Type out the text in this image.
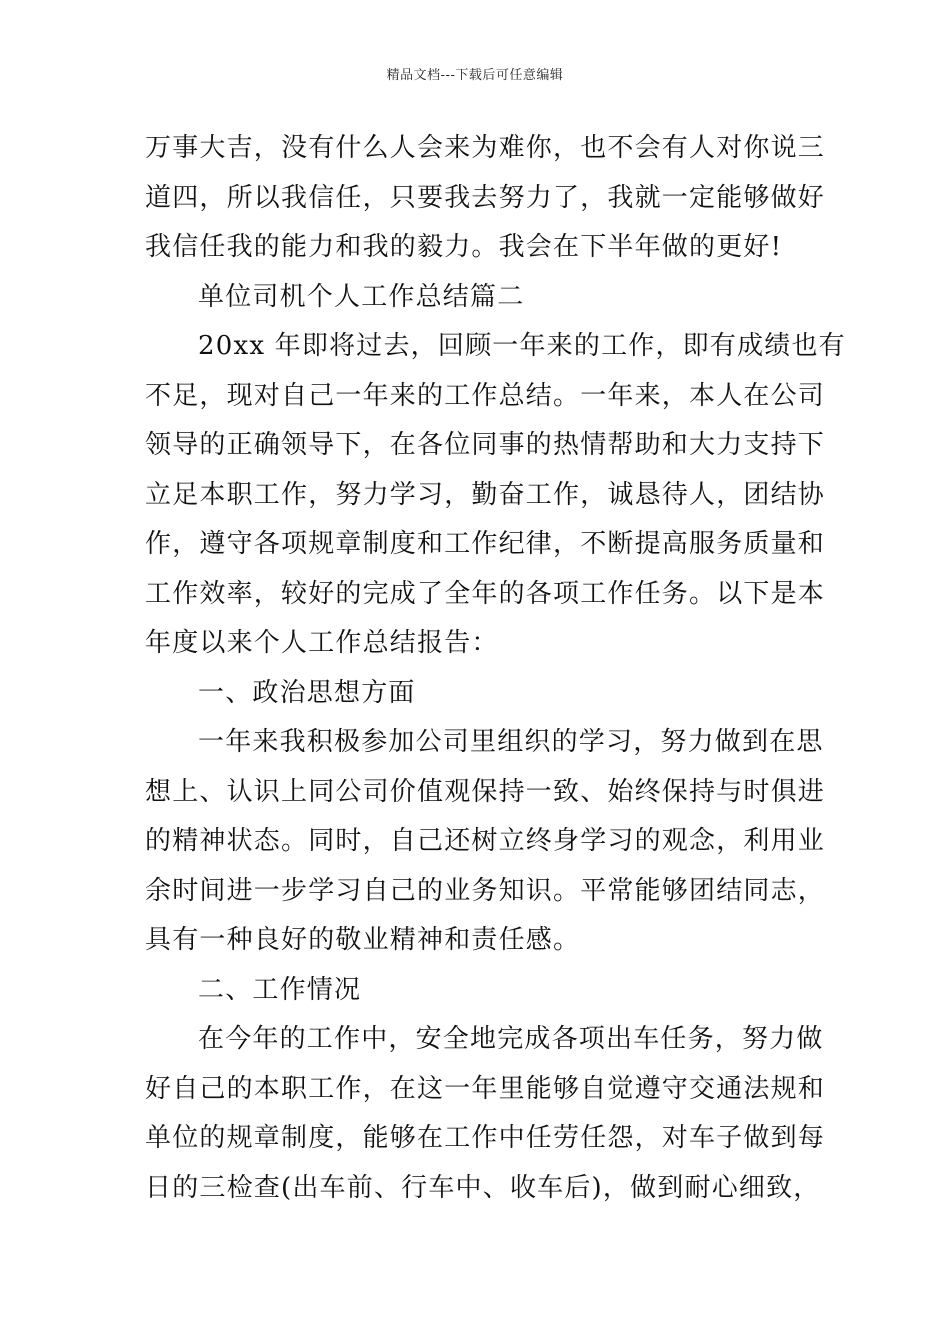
精品文档---下载后可任意编辑
万事大吉，没有什么人会来为难你，也不会有人对你说三
道四，所以我信任，只要我去努力了，我就一定能够做好
我信任我的能力和我的毅力。我会在下半年做的更好!
单位司机个人工作总结篇二
20xx 年即将过去，回顾一年来的工作，即有成绩也有
不足，现对自己一年来的工作总结。一年来，本人在公司
领导的正确领导下，在各位同事的热情帮助和大力支持下
立足本职工作，努力学习，勤奋工作，诚恳待人，团结协
作，遵守各项规章制度和工作纪律，不断提高服务质量和
工作效率，较好的完成了全年的各项工作任务。以下是本
年度以来个人工作总结报告：
一、政治思想方面
一年来我积极参加公司里组织的学习，努力做到在思
想上、认识上同公司价值观保持一致、始终保持与时俱进
的精神状态。同时，自己还树立终身学习的观念，利用业
余时间进一步学习自己的业务知识。平常能够团结同志，
具有一种良好的敬业精神和责任感。
二、工作情况
在今年的工作中，安全地完成各项出车任务，努力做
好自己的本职工作，在这一年里能够自觉遵守交通法规和
单位的规章制度，能够在工作中任劳任怨，对车子做到每
日的三检查(出车前、行车中、收车后)，做到耐心细致，
